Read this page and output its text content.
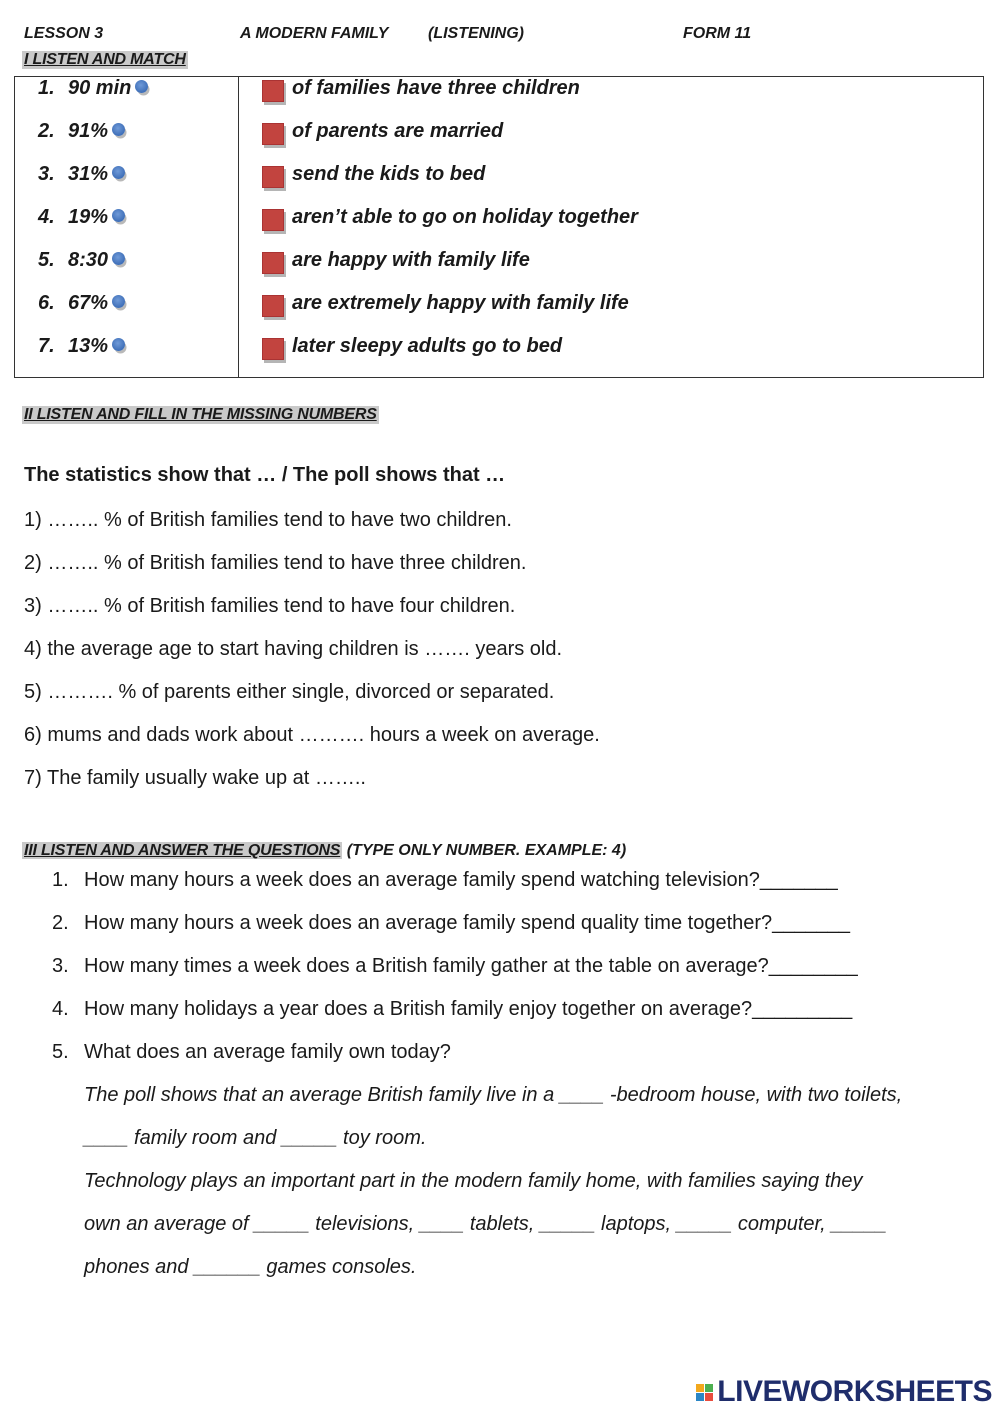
LESSON 3	A MODERN FAMILY (LISTENING)	FORM 11
I LISTEN AND MATCH
1. 90 min
2. 91%
3. 31%
4. 19%
5. 8:30
6. 67%
7. 13%
of families have three children
of parents are married
send the kids to bed
aren’t able to go on holiday together
are happy with family life
are extremely happy with family life
later sleepy adults go to bed
II LISTEN AND FILL IN THE MISSING NUMBERS
The statistics show that … / The poll shows that …
1) …….. % of British families tend to have two children.
2) …….. % of British families tend to have three children.
3) …….. % of British families tend to have four children.
4) the average age to start having children is ……. years old.
5) ………. % of parents either single, divorced or separated.
6) mums and dads work about ………. hours a week on average.
7) The family usually wake up at ……..
III LISTEN AND ANSWER THE QUESTIONS (TYPE ONLY NUMBER. EXAMPLE: 4)
1. How many hours a week does an average family spend watching television?_______
2. How many hours a week does an average family spend quality time together?_______
3. How many times a week does a British family gather at the table on average?________
4. How many holidays a year does a British family enjoy together on average?_________
5. What does an average family own today?
The poll shows that an average British family live in a ____ -bedroom house, with two toilets,
____ family room and _____ toy room.
Technology plays an important part in the modern family home, with families saying they
own an average of _____ televisions, ____ tablets, _____ laptops, _____ computer, _____
phones and ______ games consoles.
LIVEWORKSHEETS
